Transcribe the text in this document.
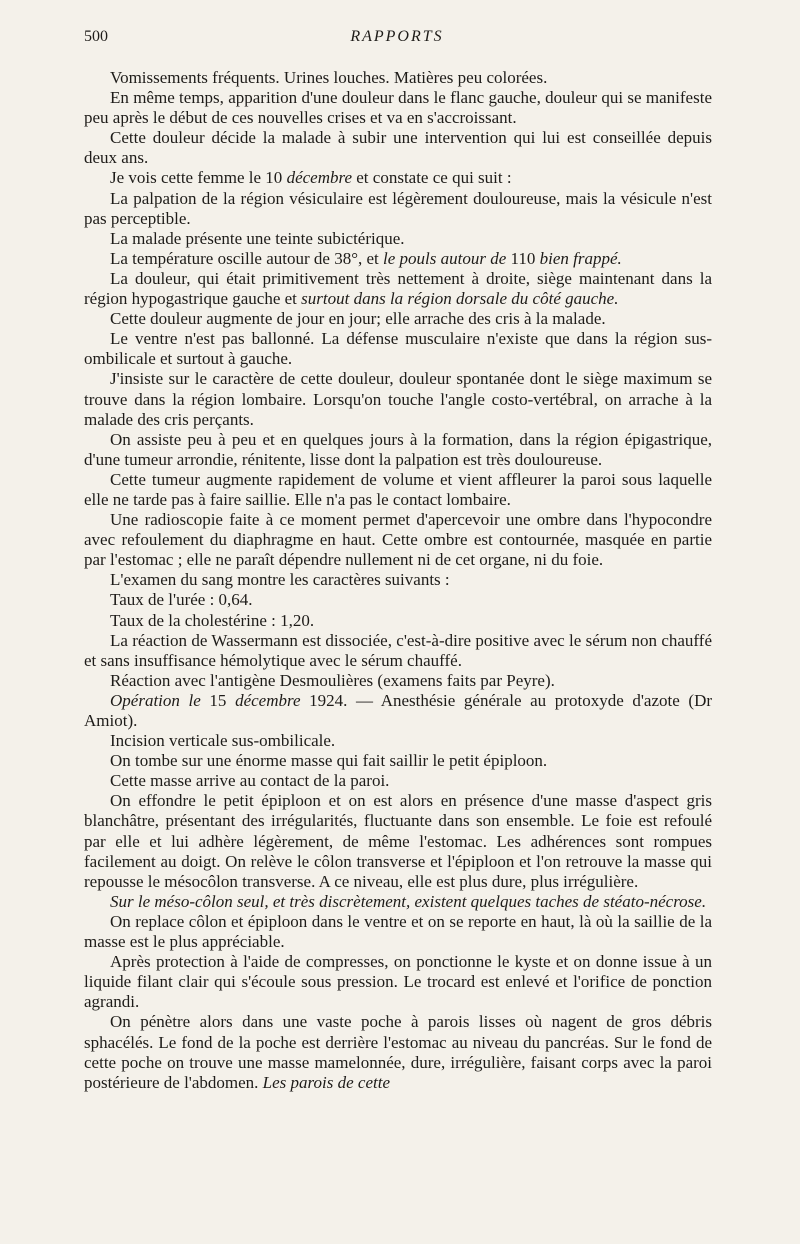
500	RAPPORTS

Vomissements fréquents. Urines louches. Matières peu colorées.

En même temps, apparition d'une douleur dans le flanc gauche, douleur qui se manifeste peu après le début de ces nouvelles crises et va en s'accroissant.

Cette douleur décide la malade à subir une intervention qui lui est conseillée depuis deux ans.

Je vois cette femme le 10 décembre et constate ce qui suit :

La palpation de la région vésiculaire est légèrement douloureuse, mais la vésicule n'est pas perceptible.

La malade présente une teinte subictérique.

La température oscille autour de 38°, et le pouls autour de 110 bien frappé.

La douleur, qui était primitivement très nettement à droite, siège maintenant dans la région hypogastrique gauche et surtout dans la région dorsale du côté gauche.

Cette douleur augmente de jour en jour; elle arrache des cris à la malade.

Le ventre n'est pas ballonné. La défense musculaire n'existe que dans la région sus-ombilicale et surtout à gauche.

J'insiste sur le caractère de cette douleur, douleur spontanée dont le siège maximum se trouve dans la région lombaire. Lorsqu'on touche l'angle costo-vertébral, on arrache à la malade des cris perçants.

On assiste peu à peu et en quelques jours à la formation, dans la région épigastrique, d'une tumeur arrondie, rénitente, lisse dont la palpation est très douloureuse.

Cette tumeur augmente rapidement de volume et vient affleurer la paroi sous laquelle elle ne tarde pas à faire saillie. Elle n'a pas le contact lombaire.

Une radioscopie faite à ce moment permet d'apercevoir une ombre dans l'hypocondre avec refoulement du diaphragme en haut. Cette ombre est contournée, masquée en partie par l'estomac ; elle ne paraît dépendre nullement ni de cet organe, ni du foie.

L'examen du sang montre les caractères suivants :

Taux de l'urée : 0,64.

Taux de la cholestérine : 1,20.

La réaction de Wassermann est dissociée, c'est-à-dire positive avec le sérum non chauffé et sans insuffisance hémolytique avec le sérum chauffé.

Réaction avec l'antigène Desmoulières (examens faits par Peyre).

Opération le 15 décembre 1924. — Anesthésie générale au protoxyde d'azote (Dr Amiot).

Incision verticale sus-ombilicale.

On tombe sur une énorme masse qui fait saillir le petit épiploon.

Cette masse arrive au contact de la paroi.

On effondre le petit épiploon et on est alors en présence d'une masse d'aspect gris blanchâtre, présentant des irrégularités, fluctuante dans son ensemble. Le foie est refoulé par elle et lui adhère légèrement, de même l'estomac. Les adhérences sont rompues facilement au doigt. On relève le côlon transverse et l'épiploon et l'on retrouve la masse qui repousse le mésocôlon transverse. A ce niveau, elle est plus dure, plus irrégulière.

Sur le méso-côlon seul, et très discrètement, existent quelques taches de stéato-nécrose.

On replace côlon et épiploon dans le ventre et on se reporte en haut, là où la saillie de la masse est le plus appréciable.

Après protection à l'aide de compresses, on ponctionne le kyste et on donne issue à un liquide filant clair qui s'écoule sous pression. Le trocard est enlevé et l'orifice de ponction agrandi.

On pénètre alors dans une vaste poche à parois lisses où nagent de gros débris sphacélés. Le fond de la poche est derrière l'estomac au niveau du pancréas. Sur le fond de cette poche on trouve une masse mamelonnée, dure, irrégulière, faisant corps avec la paroi postérieure de l'abdomen. Les parois de cette
